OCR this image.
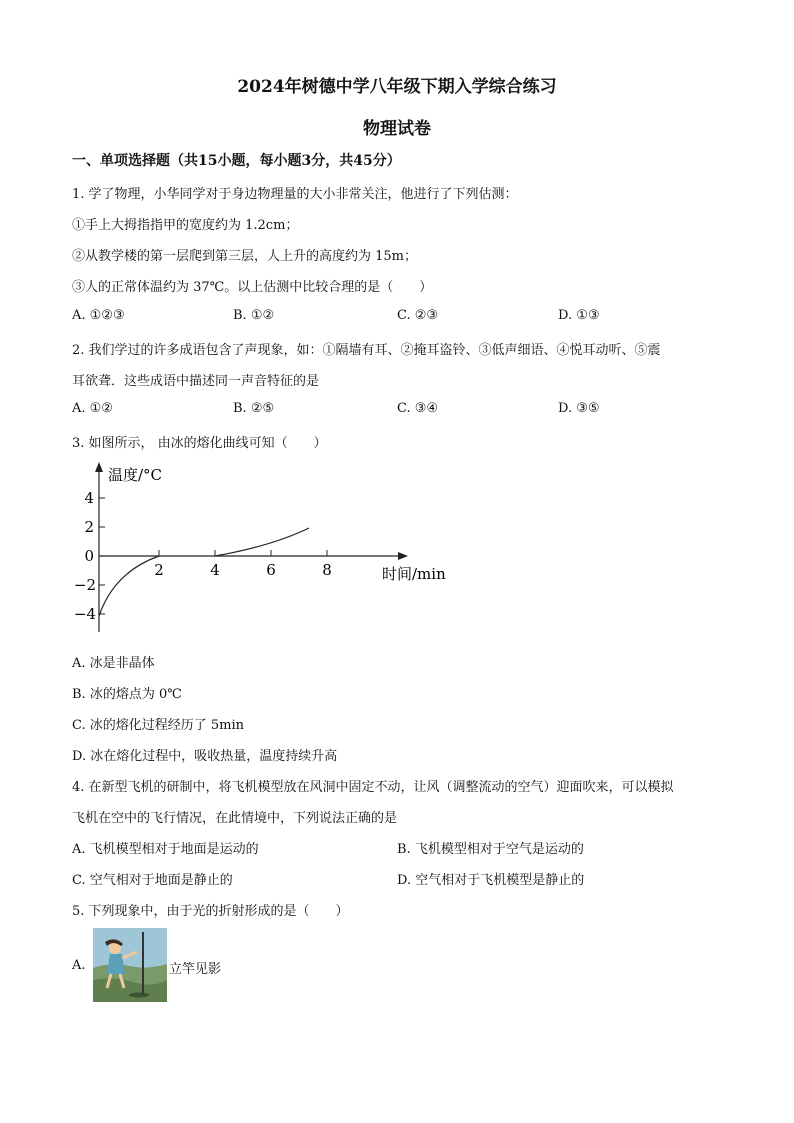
2024年树德中学八年级下期入学综合练习
物理试卷
一、单项选择题（共15小题，每小题3分，共45分）
1. 学了物理，小华同学对于身边物理量的大小非常关注，他进行了下列估测：
①手上大拇指指甲的宽度约为 1.2cm；
②从教学楼的第一层爬到第三层，人上升的高度约为 15m；
③人的正常体温约为 37℃。以上估测中比较合理的是（　　）
A. ①②③	B. ①②	C. ②③	D. ①③
2. 我们学过的许多成语包含了声现象，如：①隔墙有耳、②掩耳盗铃、③低声细语、④悦耳动听、⑤震
耳欲聋．这些成语中描述同一声音特征的是
A. ①②	B. ②⑤	C. ③④	D. ③⑤
3. 如图所示， 由冰的熔化曲线可知（　　）
温度/°C
时间/min
4
2
0
−2
−4
2	4	6	8
A. 冰是非晶体
B. 冰的熔点为 0℃
C. 冰的熔化过程经历了 5min
D. 冰在熔化过程中，吸收热量，温度持续升高
4. 在新型飞机的研制中，将飞机模型放在风洞中固定不动，让风（调整流动的空气）迎面吹来，可以模拟
飞机在空中的飞行情况，在此情境中，下列说法正确的是
A. 飞机模型相对于地面是运动的	B. 飞机模型相对于空气是运动的
C. 空气相对于地面是静止的	D. 空气相对于飞机模型是静止的
5. 下列现象中，由于光的折射形成的是（　　）
A.	立竿见影
